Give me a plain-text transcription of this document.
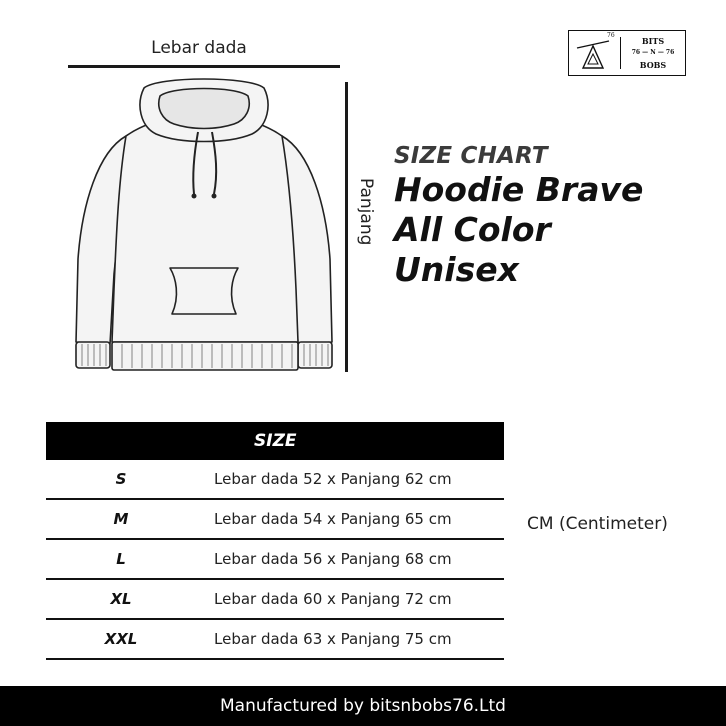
Lebar dada
Panjang
76
BITS
76 — N — 76
BOBS
SIZE CHART
Hoodie Brave
All Color
Unisex
SIZE	
S	Lebar dada 52 x Panjang 62 cm
M	Lebar dada 54 x Panjang 65 cm
L	Lebar dada 56 x Panjang 68 cm
XL	Lebar dada 60 x Panjang 72 cm
XXL	Lebar dada 63 x Panjang 75 cm
CM (Centimeter)
Manufactured by bitsnbobs76.Ltd
